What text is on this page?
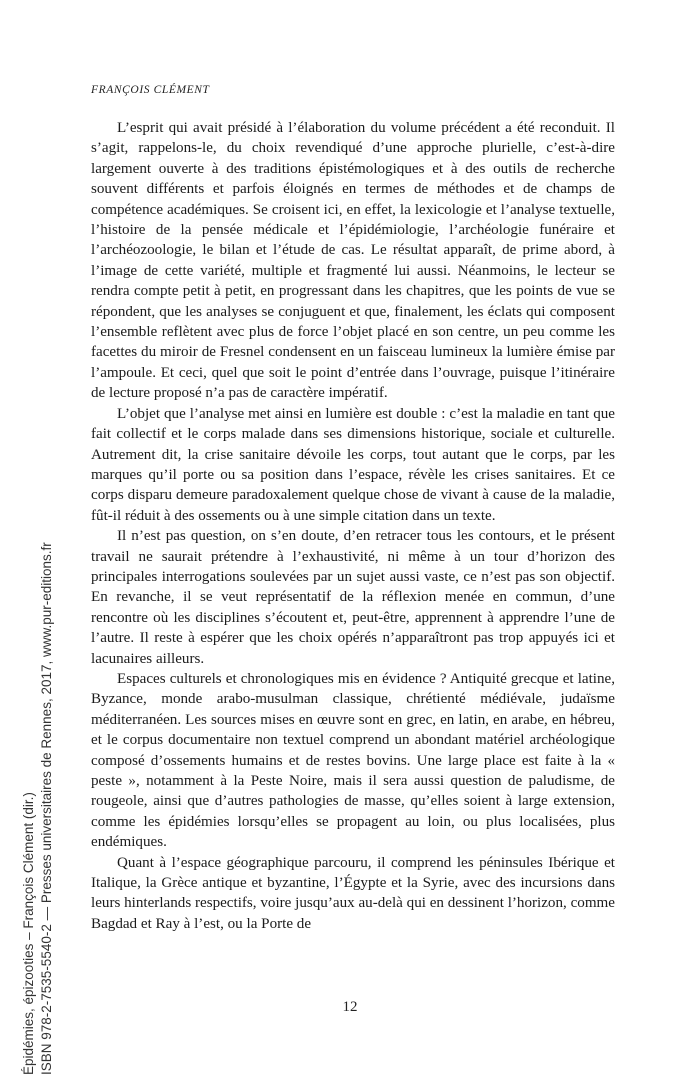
FRANÇOIS CLÉMENT

L’esprit qui avait présidé à l’élaboration du volume précédent a été reconduit. Il s’agit, rappelons-le, du choix revendiqué d’une approche plurielle, c’est-à-dire largement ouverte à des traditions épistémologiques et à des outils de recherche souvent différents et parfois éloignés en termes de méthodes et de champs de compétence académiques. Se croisent ici, en effet, la lexicologie et l’analyse textuelle, l’histoire de la pensée médicale et l’épidémiologie, l’archéologie funéraire et l’archéozoologie, le bilan et l’étude de cas. Le résultat apparaît, de prime abord, à l’image de cette variété, multiple et fragmenté lui aussi. Néanmoins, le lecteur se rendra compte petit à petit, en progressant dans les chapitres, que les points de vue se répondent, que les analyses se conjuguent et que, finalement, les éclats qui composent l’ensemble reflètent avec plus de force l’objet placé en son centre, un peu comme les facettes du miroir de Fresnel condensent en un faisceau lumineux la lumière émise par l’ampoule. Et ceci, quel que soit le point d’entrée dans l’ouvrage, puisque l’itinéraire de lecture proposé n’a pas de caractère impératif.

L’objet que l’analyse met ainsi en lumière est double : c’est la maladie en tant que fait collectif et le corps malade dans ses dimensions historique, sociale et culturelle. Autrement dit, la crise sanitaire dévoile les corps, tout autant que le corps, par les marques qu’il porte ou sa position dans l’espace, révèle les crises sanitaires. Et ce corps disparu demeure paradoxalement quelque chose de vivant à cause de la maladie, fût-il réduit à des ossements ou à une simple citation dans un texte.

Il n’est pas question, on s’en doute, d’en retracer tous les contours, et le présent travail ne saurait prétendre à l’exhaustivité, ni même à un tour d’horizon des principales interrogations soulevées par un sujet aussi vaste, ce n’est pas son objectif. En revanche, il se veut représentatif de la réflexion menée en commun, d’une rencontre où les disciplines s’écoutent et, peut-être, apprennent à apprendre l’une de l’autre. Il reste à espérer que les choix opérés n’apparaîtront pas trop appuyés ici et lacunaires ailleurs.

Espaces culturels et chronologiques mis en évidence ? Antiquité grecque et latine, Byzance, monde arabo-musulman classique, chrétienté médiévale, judaïsme méditerranéen. Les sources mises en œuvre sont en grec, en latin, en arabe, en hébreu, et le corpus documentaire non textuel comprend un abondant matériel archéologique composé d’ossements humains et de restes bovins. Une large place est faite à la « peste », notamment à la Peste Noire, mais il sera aussi question de paludisme, de rougeole, ainsi que d’autres pathologies de masse, qu’elles soient à large extension, comme les épidémies lorsqu’elles se propagent au loin, ou plus localisées, plus endémiques.

Quant à l’espace géographique parcouru, il comprend les péninsules Ibérique et Italique, la Grèce antique et byzantine, l’Égypte et la Syrie, avec des incursions dans leurs hinterlands respectifs, voire jusqu’aux au-delà qui en dessinent l’horizon, comme Bagdad et Ray à l’est, ou la Porte de

12
Épidémies, épizooties – François Clément (dir.) ISBN 978-2-7535-5540-2 — Presses universitaires de Rennes, 2017, www.pur-editions.fr
